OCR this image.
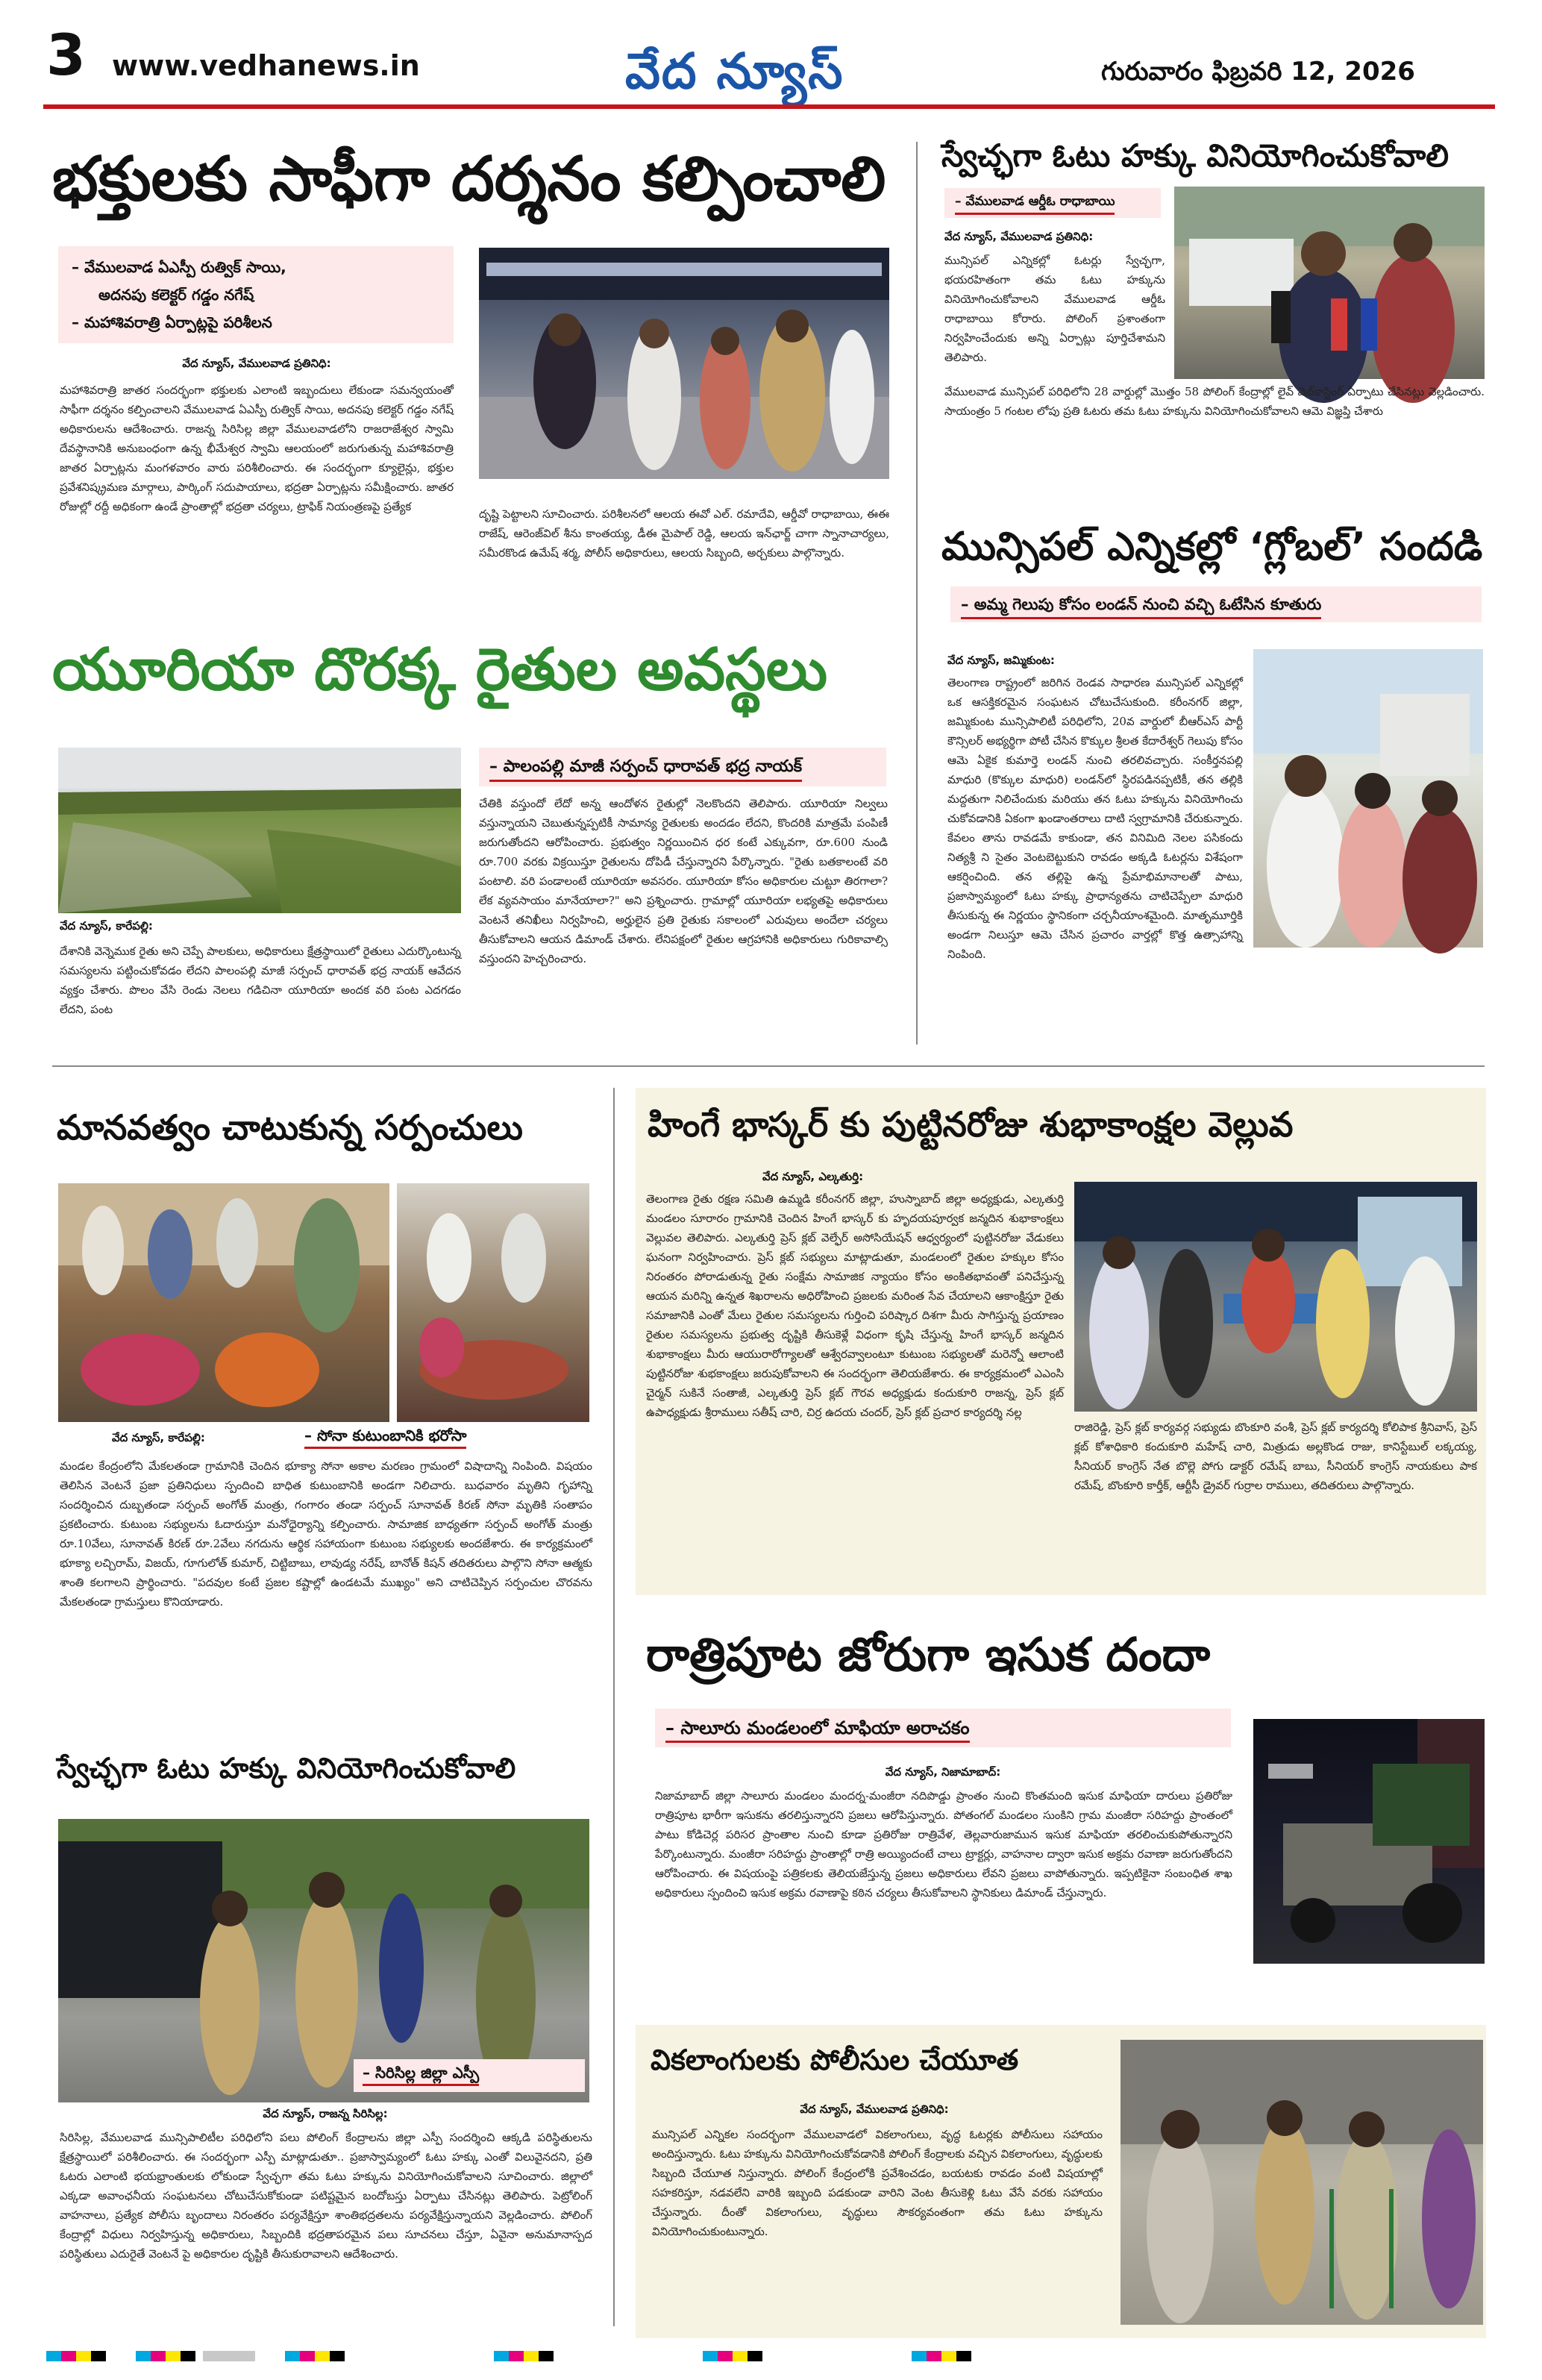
3 www.vedhanews.in	వేద న్యూస్	గురువారం ఫిబ్రవరి 12, 2026
భక్తులకు సాఫీగా దర్శనం కల్పించాలి
– వేములవాడ ఏఎస్పీ రుత్విక్ సాయి,
అదనపు కలెక్టర్ గడ్డం నగేష్
– మహాశివరాత్రి ఏర్పాట్లపై పరిశీలన
వేద న్యూస్, వేములవాడ ప్రతినిధి:
మహాశివరాత్రి జాతర సందర్భంగా భక్తులకు ఎలాంటి ఇబ్బందులు లేకుండా సమన్వయంతో సాఫీగా దర్శనం కల్పించాలని వేములవాడ ఏఎస్పీ రుత్విక్ సాయి, అదనపు కలెక్టర్ గడ్డం నగేష్ అధికారులను ఆదేశించారు. రాజన్న సిరిసిల్ల జిల్లా వేములవాడలోని రాజరాజేశ్వర స్వామి దేవస్థానానికి అనుబంధంగా ఉన్న భీమేశ్వర స్వామి ఆలయంలో జరుగుతున్న మహాశివరాత్రి జాతర ఏర్పాట్లను మంగళవారం వారు పరిశీలించారు. ఈ సందర్భంగా క్యూలైన్లు, భక్తుల ప్రవేశనిష్క్రమణ మార్గాలు, పార్కింగ్ సదుపాయాలు, భద్రతా ఏర్పాట్లను సమీక్షించారు. జాతర రోజుల్లో రద్దీ అధికంగా ఉండే ప్రాంతాల్లో భద్రతా చర్యలు, ట్రాఫిక్ నియంత్రణపై ప్రత్యేక
దృష్టి పెట్టాలని సూచించారు. పరిశీలనలో ఆలయ ఈవో ఎల్. రమాదేవి, ఆర్డీవో రాధాబాయి, ఈఈ రాజేష్, ఆరెంజ్‌విల్ శీను కాంతయ్య, డీఈ మైపాల్ రెడ్డి, ఆలయ ఇన్‌ఛార్జ్ చాగా స్నానాచార్యలు, సమీరకొండ ఉమేష్ శర్మ, పోలీస్ అధికారులు, ఆలయ సిబ్బంది, అర్చకులు పాల్గొన్నారు.
యూరియా దొరక్క రైతుల అవస్థలు
– పాలంపల్లి మాజీ సర్పంచ్ ధారావత్ భద్ర నాయక్
వేద న్యూస్, కారేపల్లి:
దేశానికి వెన్నెముక రైతు అని చెప్పే పాలకులు, అధికారులు క్షేత్రస్థాయిలో రైతులు ఎదుర్కొంటున్న సమస్యలను పట్టించుకోవడం లేదని పాలంపల్లి మాజీ సర్పంచ్ ధారావత్ భద్ర నాయక్ ఆవేదన వ్యక్తం చేశారు. పొలం వేసి రెండు నెలలు గడిచినా యూరియా అందక వరి పంట ఎదగడం లేదని, పంట
చేతికి వస్తుందో లేదో అన్న ఆందోళన రైతుల్లో నెలకొందని తెలిపారు. యూరియా నిల్వలు వస్తున్నాయని చెబుతున్నప్పటికీ సామాన్య రైతులకు అందడం లేదని, కొందరికి మాత్రమే పంపిణీ జరుగుతోందని ఆరోపించారు. ప్రభుత్వం నిర్ణయించిన ధర కంటే ఎక్కువగా, రూ.600 నుండి రూ.700 వరకు విక్రయిస్తూ రైతులను దోపిడీ చేస్తున్నారని పేర్కొన్నారు. "రైతు బతకాలంటే వరి పంటాలి. వరి పండాలంటే యూరియా అవసరం. యూరియా కోసం అధికారుల చుట్టూ తిరగాలా? లేక వ్యవసాయం మానేయాలా?" అని ప్రశ్నించారు. గ్రామాల్లో యూరియా లభ్యతపై అధికారులు వెంటనే తనిఖీలు నిర్వహించి, అర్హులైన ప్రతి రైతుకు సకాలంలో ఎరువులు అందేలా చర్యలు తీసుకోవాలని ఆయన డిమాండ్ చేశారు. లేనిపక్షంలో రైతుల ఆగ్రహానికి అధికారులు గురికావాల్సి వస్తుందని హెచ్చరించారు.
స్వేచ్ఛగా ఓటు హక్కు వినియోగించుకోవాలి
– వేములవాడ ఆర్డీఓ రాధాబాయి
వేద న్యూస్, వేములవాడ ప్రతినిధి:
మున్సిపల్ ఎన్నికల్లో ఓటర్లు స్వేచ్ఛగా, భయరహితంగా తమ ఓటు హక్కును వినియోగించుకోవాలని వేములవాడ ఆర్డీఓ రాధాబాయి కోరారు. పోలింగ్ ప్రశాంతంగా నిర్వహించేందుకు అన్ని ఏర్పాట్లు పూర్తిచేశామని తెలిపారు.
వేములవాడ మున్సిపల్ పరిధిలోని 28 వార్డుల్లో మొత్తం 58 పోలింగ్ కేంద్రాల్లో లైవ్ వెబ్‌కాస్టింగ్ ఏర్పాటు చేసినట్లు వెల్లడించారు. సాయంత్రం 5 గంటల లోపు ప్రతి ఓటరు తమ ఓటు హక్కును వినియోగించుకోవాలని ఆమె విజ్ఞప్తి చేశారు
మున్సిపల్ ఎన్నికల్లో ‘గ్లోబల్’ సందడి
– అమ్మ గెలుపు కోసం లండన్ నుంచి వచ్చి ఓటేసిన కూతురు
వేద న్యూస్, జమ్మికుంట:
తెలంగాణ రాష్ట్రంలో జరిగిన రెండవ సాధారణ మున్సిపల్ ఎన్నికల్లో ఒక ఆసక్తికరమైన సంఘటన చోటుచేసుకుంది. కరీంనగర్ జిల్లా, జమ్మికుంట మున్సిపాలిటీ పరిధిలోని, 20వ వార్డులో బీఆర్ఎస్ పార్టీ కౌన్సిలర్ అభ్యర్థిగా పోటీ చేసిన కొక్కుల శ్రీలత కేదారేశ్వర్ గెలుపు కోసం ఆమె ఏకైక కుమార్తె లండన్ నుంచి తరలివచ్చారు. సంకీర్తనపల్లి మాధురి (కొక్కుల మాధురి) లండన్‌లో స్థిరపడినప్పటికీ, తన తల్లికి మద్దతుగా నిలిచేందుకు మరియు తన ఓటు హక్కును వినియోగించు చుకోవడానికి ఏకంగా ఖండాంతరాలు దాటి స్వగ్రామానికి చేరుకున్నారు. కేవలం తాను రావడమే కాకుండా, తన వినిమిది నెలల పసికందు నిత్యశ్రీ ని సైతం వెంటబెట్టుకుని రావడం అక్కడి ఓటర్లను విశేషంగా ఆకర్షించింది. తన తల్లిపై ఉన్న ప్రేమాభిమానాలతో పాటు, ప్రజాస్వామ్యంలో ఓటు హక్కు ప్రాధాన్యతను చాటిచెప్పేలా మాధురి తీసుకున్న ఈ నిర్ణయం స్థానికంగా చర్చనీయాంశమైంది. మాతృమూర్తికి అండగా నిలుస్తూ ఆమె చేసిన ప్రచారం వార్తల్లో కొత్త ఉత్సాహాన్ని నింపింది.
మానవత్వం చాటుకున్న సర్పంచులు
వేద న్యూస్, కారేపల్లి:	– సోనా కుటుంబానికి భరోసా
మండల కేంద్రంలోని మేకలతండా గ్రామానికి చెందిన భూక్యా సోనా అకాల మరణం గ్రామంలో విషాదాన్ని నింపింది. విషయం తెలిసిన వెంటనే ప్రజా ప్రతినిధులు స్పందించి బాధిత కుటుంబానికి అండగా నిలిచారు. బుధవారం మృతిని గృహాన్ని సందర్శించిన దుబ్బతండా సర్పంచ్ అంగోత్ మంత్రు, గంగారం తండా సర్పంచ్ సూనావత్ కిరణ్ సోనా మృతికి సంతాపం ప్రకటించారు. కుటుంబ సభ్యులను ఓదారుస్తూ మనోధైర్యాన్ని కల్పించారు. సామాజిక బాధ్యతగా సర్పంచ్ అంగోత్ మంత్రు రూ.10వేలు, సూనావత్ కిరణ్ రూ.2వేలు నగదును ఆర్థిక సహాయంగా కుటుంబ సభ్యులకు అందజేశారు. ఈ కార్యక్రమంలో భూక్యా లచ్చిరామ్, విజయ్, గూగులోత్ కుమార్, చిట్టిబాబు, లావుడ్య నరేష్, బానోత్ కిషన్ తదితరులు పాల్గొని సోనా ఆత్మకు శాంతి కలగాలని ప్రార్థించారు. "పదవుల కంటే ప్రజల కష్టాల్లో ఉండటమే ముఖ్యం" అని చాటిచెప్పిన సర్పంచుల చొరవను మేకలతండా గ్రామస్తులు కొనియాడారు.
స్వేచ్ఛగా ఓటు హక్కు వినియోగించుకోవాలి
– సిరిసిల్ల జిల్లా ఎస్పీ
వేద న్యూస్, రాజన్న సిరిసిల్ల:
సిరిసిల్ల, వేములవాడ మున్సిపాలిటీల పరిధిలోని పలు పోలింగ్ కేంద్రాలను జిల్లా ఎస్పీ సందర్శించి ఆక్కడి పరిస్థితులను క్షేత్రస్థాయిలో పరిశీలించారు. ఈ సందర్భంగా ఎస్పీ మాట్లాడుతూ.. ప్రజాస్వామ్యంలో ఓటు హక్కు ఎంతో విలువైనదని, ప్రతి ఓటరు ఎలాంటి భయభ్రాంతులకు లోకుండా స్వేచ్ఛగా తమ ఓటు హక్కును వినియోగించుకోవాలని సూచించారు. జిల్లాలో ఎక్కడా అవాంఛనీయ సంఘటనలు చోటుచేసుకోకుండా పటిష్టమైన బందోబస్తు ఏర్పాటు చేసినట్లు తెలిపారు. పెట్రోలింగ్ వాహనాలు, ప్రత్యేక పోలీసు బృందాలు నిరంతరం పర్యవేక్షిస్తూ శాంతిభద్రతలను పర్యవేక్షిస్తున్నాయని వెల్లడించారు. పోలింగ్ కేంద్రాల్లో విధులు నిర్వహిస్తున్న అధికారులు, సిబ్బందికి భద్రతాపరమైన పలు సూచనలు చేస్తూ, ఏవైనా అనుమానాస్పద పరిస్థితులు ఎదురైతే వెంటనే పై అధికారుల దృష్టికి తీసుకురావాలని ఆదేశించారు.
హింగే భాస్కర్ కు పుట్టినరోజు శుభాకాంక్షల వెల్లువ
వేద న్యూస్, ఎల్కతుర్తి:
తెలంగాణ రైతు రక్షణ సమితి ఉమ్మడి కరీంనగర్ జిల్లా, హుస్నాబాద్ జిల్లా అధ్యక్షుడు, ఎల్కతుర్తి మండలం సూరారం గ్రామానికి చెందిన హింగే భాస్కర్ కు హృదయపూర్వక జన్మదిన శుభాకాంక్షలు వెల్లువల తెలిపారు. ఎల్కతుర్తి ప్రెస్ క్లబ్ వెల్ఫేర్ అసోసియేషన్ ఆధ్వర్యంలో పుట్టినరోజు వేడుకలు ఘనంగా నిర్వహించారు. ప్రెస్ క్లబ్ సభ్యులు మాట్లాడుతూ, మండలంలో రైతుల హక్కుల కోసం నిరంతరం పోరాడుతున్న రైతు సంక్షేమ సామాజిక న్యాయం కోసం అంకితభావంతో పనిచేస్తున్న ఆయన మరిన్ని ఉన్నత శిఖరాలను అధిరోహించి ప్రజలకు మరింత సేవ చేయాలని ఆకాంక్షిస్తూ రైతు సమాజానికి ఎంతో మేలు రైతుల సమస్యలను గుర్తించి పరిష్కార దిశగా మీరు సాగిస్తున్న ప్రయాణం రైతుల సమస్యలను ప్రభుత్వ దృష్టికి తీసుకెళ్లే విధంగా కృషి చేస్తున్న హింగే భాస్కర్ జన్మదిన శుభాకాంక్షలు మీరు ఆయురారోగ్యాలతో ఆశ్వేరవ్వాలంటూ కుటుంబ సభ్యులతో మరెన్నో ఆలాంటి పుట్టినరోజు శుభకాంక్షలు జరుపుకోవాలని ఈ సందర్భంగా తెలియజేశారు. ఈ కార్యక్రమంలో ఎఎంసి చైర్మన్ సుకినే సంతాజీ, ఎల్కతుర్తి ప్రెస్ క్లబ్ గౌరవ అధ్యక్షుడు కందుకూరి రాజన్న, ప్రెస్ క్లబ్ ఉపాధ్యక్షుడు శ్రీరాములు సతీష్ చారి, చిర్ర ఉదయ చందర్, ప్రెస్ క్లబ్ ప్రచార కార్యదర్శి నల్ల
రాజిరెడ్డి, ప్రెస్ క్లబ్ కార్యవర్గ సభ్యుడు బొంకూరి వంశీ, ప్రెస్ క్లబ్ కార్యదర్శి కోలిపాక శ్రీనివాస్, ప్రెస్ క్లబ్ కోశాధికారి కందుకూరి మహేష్ చారి, మిత్రుడు అల్లకొండ రాజు, కానిస్టేబుల్ లక్కయ్య, సీనియర్ కాంగ్రెస్ నేత బొల్లె పోగు డాక్టర్ రమేష్ బాబు, సీనియర్ కాంగ్రెస్ నాయకులు పాక రమేష్, బొంకూరి కార్తీక్, ఆర్టీసీ డ్రైవర్ గుర్రాల రాములు, తదితరులు పాల్గొన్నారు.
రాత్రిపూట జోరుగా ఇసుక దందా
– సాలూరు మండలంలో మాఫియా అరాచకం
వేద న్యూస్, నిజామాబాద్:
నిజామాబాద్ జిల్లా సాలూరు మండలం మందర్న-మంజీరా నదిపొడ్డు ప్రాంతం నుంచి కొంతమంది ఇసుక మాఫియా దారులు ప్రతిరోజు రాత్రిపూట భారీగా ఇసుకను తరలిస్తున్నారని ప్రజలు ఆరోపిస్తున్నారు. పోతంగల్ మండలం సుంకిని గ్రామ మంజీరా సరిహద్దు ప్రాంతంలో పాటు కోడిచెర్ల పరిసర ప్రాంతాల నుంచి కూడా ప్రతిరోజు రాత్రివేళ, తెల్లవారుజామున ఇసుక మాఫియా తరలించుకుపోతున్నారని పేర్కొంటున్నారు. మంజీరా సరిహద్దు ప్రాంతాల్లో రాత్రి అయ్యిందంటే చాలు ట్రాక్టర్లు, వాహనాల ద్వారా ఇసుక అక్రమ రవాణా జరుగుతోందని ఆరోపించారు. ఈ విషయంపై పత్రికలకు తెలియజేస్తున్న ప్రజలు అధికారులు లేవని ప్రజలు వాపోతున్నారు. ఇప్పటికైనా సంబంధిత శాఖ అధికారులు స్పందించి ఇసుక అక్రమ రవాణాపై కఠిన చర్యలు తీసుకోవాలని స్థానికులు డిమాండ్ చేస్తున్నారు.
వికలాంగులకు పోలీసుల చేయూత
వేద న్యూస్, వేములవాడ ప్రతినిధి:
మున్సిపల్ ఎన్నికల సందర్భంగా వేములవాడలో వికలాంగులు, వృద్ధ ఓటర్లకు పోలీసులు సహాయం అందిస్తున్నారు. ఓటు హక్కును వినియోగించుకోవడానికి పోలింగ్ కేంద్రాలకు వచ్చిన వికలాంగులు, వృద్ధులకు సిబ్బంది చేయూత నిస్తున్నారు. పోలింగ్ కేంద్రంలోకి ప్రవేశించడం, బయటకు రావడం వంటి విషయాల్లో సహకరిస్తూ, నడవలేని వారికి ఇబ్బంది పడకుండా వారిని వెంట తీసుకెళ్లి ఓటు వేసే వరకు సహాయం చేస్తున్నారు. దీంతో వికలాంగులు, వృద్ధులు సౌకర్యవంతంగా తమ ఓటు హక్కును వినియోగించుకుంటున్నారు.
